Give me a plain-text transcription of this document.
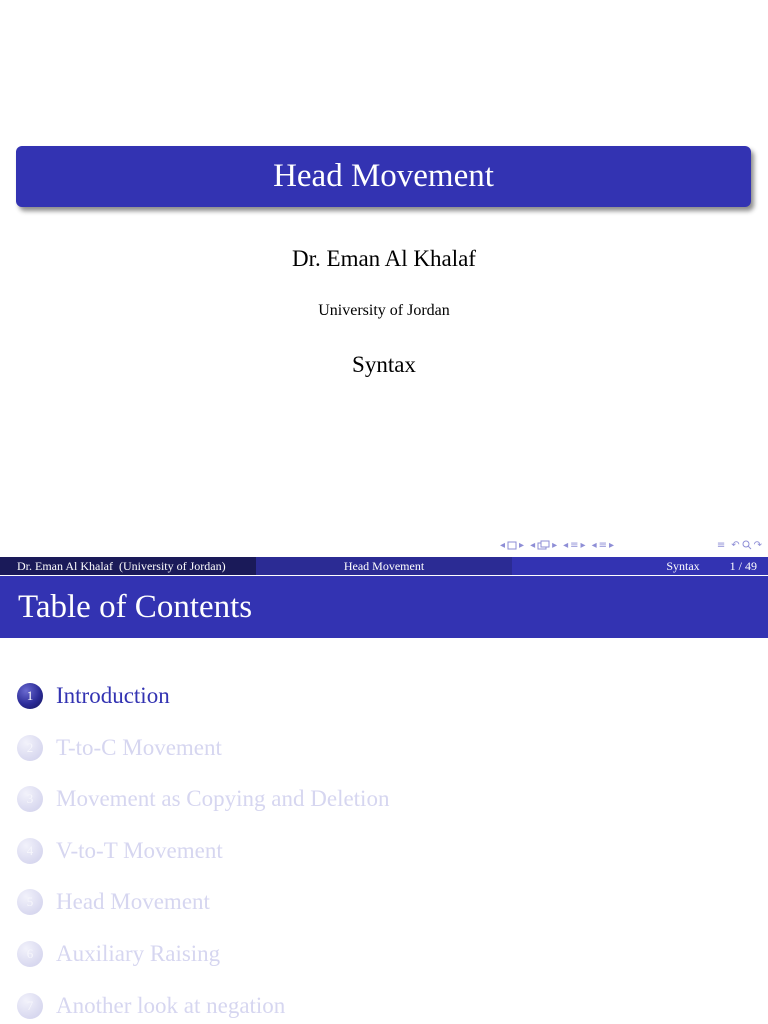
Head Movement
Dr. Eman Al Khalaf
University of Jordan
Syntax
◂ ▸ ◂ ▸ ◂ ≡ ▸ ◂ ≡ ▸	≡ ↶ ↷
Dr. Eman Al Khalaf  (University of Jordan)	Head Movement	Syntax	1 / 49
Table of Contents
1 Introduction
2 T-to-C Movement
3 Movement as Copying and Deletion
4 V-to-T Movement
5 Head Movement
6 Auxiliary Raising
7 Another look at negation
